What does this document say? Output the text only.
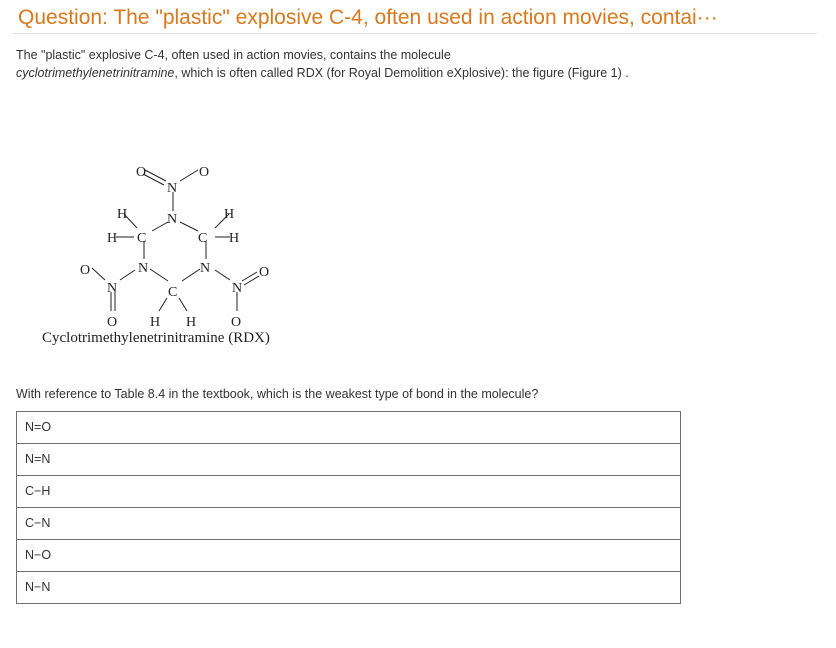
Question: The "plastic" explosive C-4, often used in action movies, contai···
The "plastic" explosive C-4, often used in action movies, contains the molecule
cyclotrimethylenetrinitramine, which is often called RDX (for Royal Demolition eXplosive): the figure (Figure 1) .
O	O
N
N
H	H
H C	C H
N	N
O	O
N	N
C
O H H O
Cyclotrimethylenetrinitramine (RDX)
With reference to Table 8.4 in the textbook, which is the weakest type of bond in the molecule?
N=O
N=N
C−H
C−N
N−O
N−N
